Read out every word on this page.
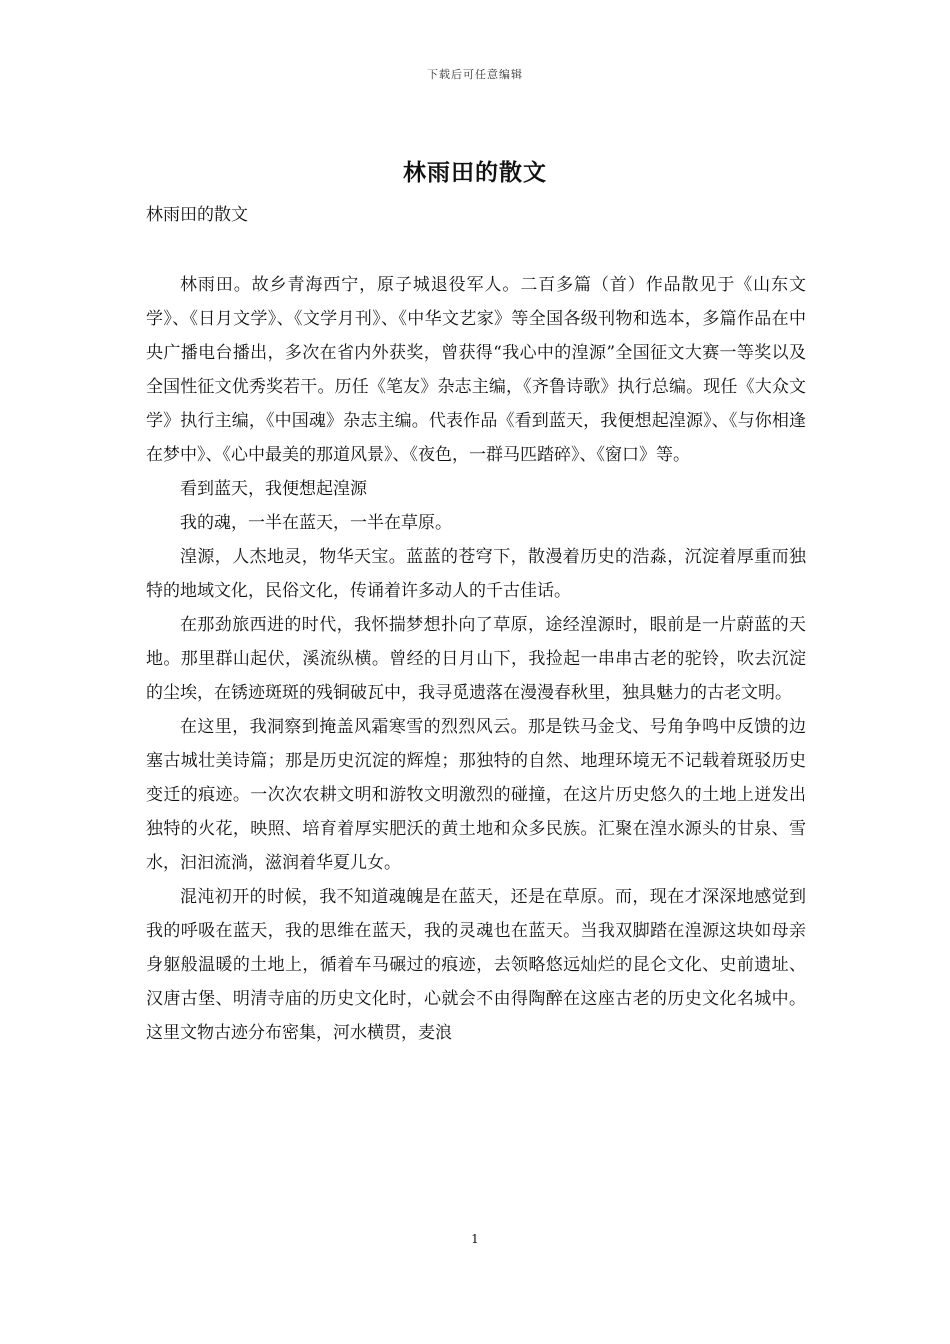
下载后可任意编辑
林雨田的散文
林雨田的散文

林雨田。故乡青海西宁，原子城退役军人。二百多篇（首）作品散见于《山东文学》、《日月文学》、《文学月刊》、《中华文艺家》等全国各级刊物和选本，多篇作品在中央广播电台播出，多次在省内外获奖，曾获得“我心中的湟源”全国征文大赛一等奖以及全国性征文优秀奖若干。历任《笔友》杂志主编，《齐鲁诗歌》执行总编。现任《大众文学》执行主编，《中国魂》杂志主编。代表作品《看到蓝天，我便想起湟源》、《与你相逢在梦中》、《心中最美的那道风景》、《夜色，一群马匹踏碎》、《窗口》等。

看到蓝天，我便想起湟源

我的魂，一半在蓝天，一半在草原。

湟源，人杰地灵，物华天宝。蓝蓝的苍穹下，散漫着历史的浩淼，沉淀着厚重而独特的地域文化，民俗文化，传诵着许多动人的千古佳话。

在那劲旅西进的时代，我怀揣梦想扑向了草原，途经湟源时，眼前是一片蔚蓝的天地。那里群山起伏，溪流纵横。曾经的日月山下，我捡起一串串古老的驼铃，吹去沉淀的尘埃，在锈迹斑斑的残铜破瓦中，我寻觅遗落在漫漫春秋里，独具魅力的古老文明。

在这里，我洞察到掩盖风霜寒雪的烈烈风云。那是铁马金戈、号角争鸣中反馈的边塞古城壮美诗篇；那是历史沉淀的辉煌；那独特的自然、地理环境无不记载着斑驳历史变迁的痕迹。一次次农耕文明和游牧文明激烈的碰撞，在这片历史悠久的土地上迸发出独特的火花，映照、培育着厚实肥沃的黄土地和众多民族。汇聚在湟水源头的甘泉、雪水，汩汩流淌，滋润着华夏儿女。

混沌初开的时候，我不知道魂魄是在蓝天，还是在草原。而，现在才深深地感觉到我的呼吸在蓝天，我的思维在蓝天，我的灵魂也在蓝天。当我双脚踏在湟源这块如母亲身躯般温暖的土地上，循着车马碾过的痕迹，去领略悠远灿烂的昆仑文化、史前遗址、汉唐古堡、明清寺庙的历史文化时，心就会不由得陶醉在这座古老的历史文化名城中。这里文物古迹分布密集，河水横贯，麦浪

1
